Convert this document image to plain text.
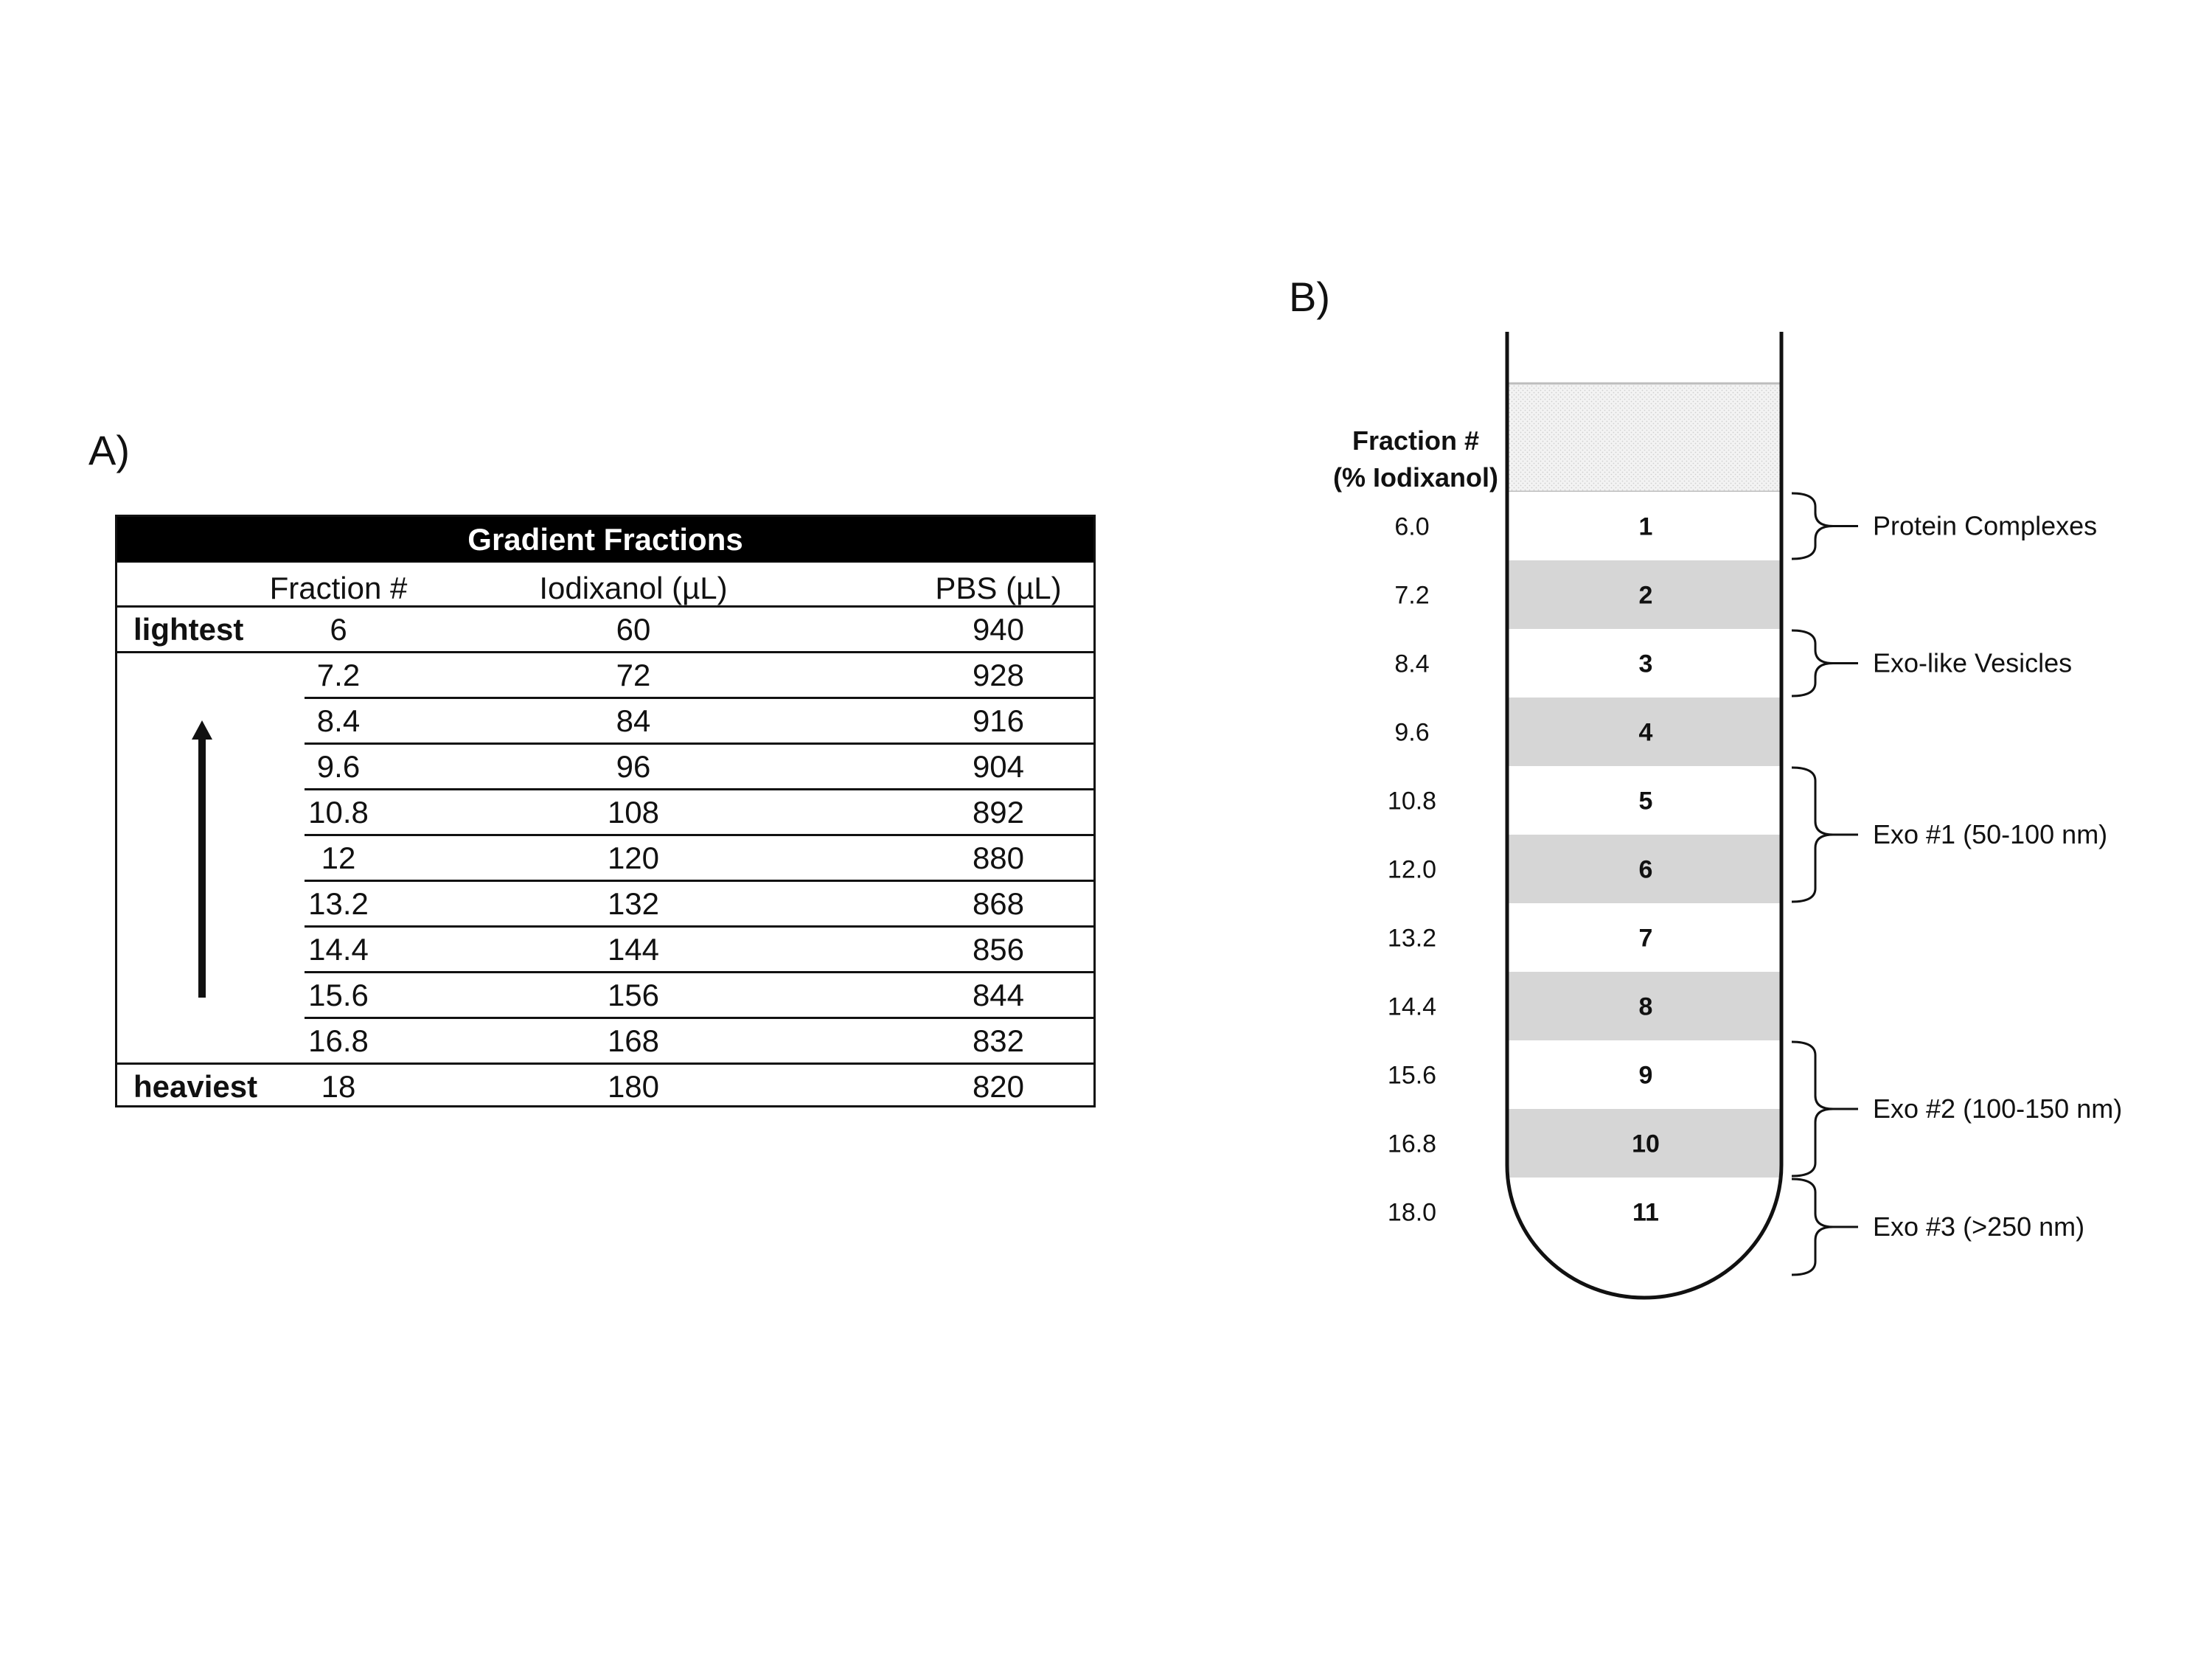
A)
B)
Gradient Fractions
Fraction #	Iodixanol (µL)	PBS (µL)
lightest	6	60	940
7.2	72	928
8.4	84	916
9.6	96	904
10.8	108	892
12	120	880
13.2	132	868
14.4	144	856
15.6	156	844
16.8	168	832
heaviest	18	180	820
Fraction #
(% Iodixanol)
1
6.0
2
7.2
3
8.4
4
9.6
5
10.8
6
12.0
7
13.2
8
14.4
9
15.6
10
16.8
11
18.0
Protein Complexes
Exo-like Vesicles
Exo #1 (50-100 nm)
Exo #2 (100-150 nm)
Exo #3 (>250 nm)
